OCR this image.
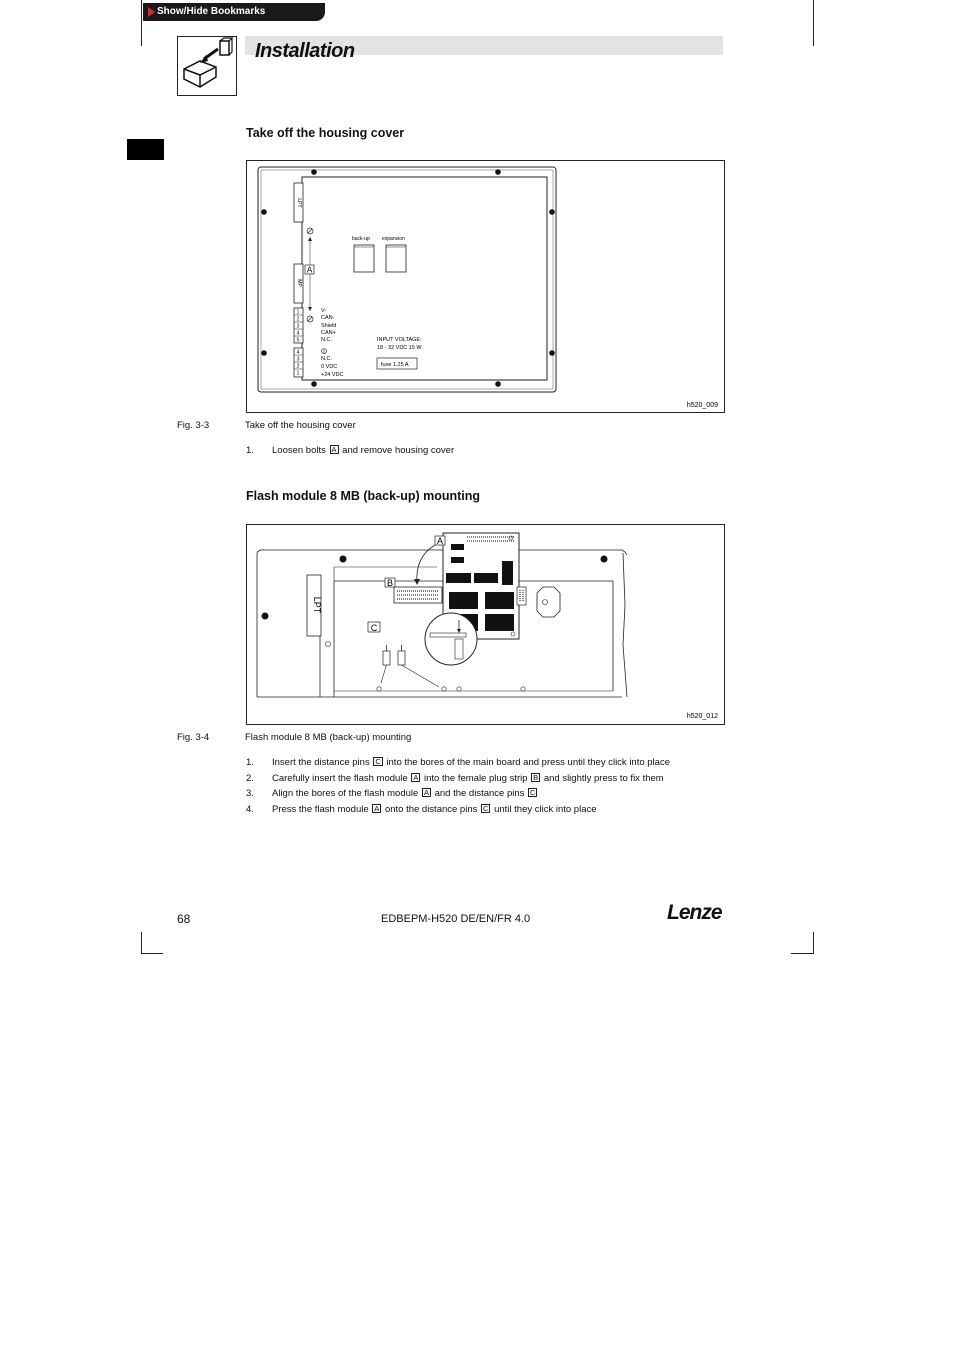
Show/Hide Bookmarks
Installation
Take off the housing cover
LPT
MP
A
1
2
3
4
5
4
3
2
1
V-
CAN-
Shield
CAN+
N.C.
N.C.
0 VDC
+24 VDC
back-up expansion
INPUT VOLTAGE:
18 - 32 VDC 15 W
fuse 1.25 A
h520_009
Fig. 3-3	Take off the housing cover
1. Loosen bolts A and remove housing cover
Flash module 8 MB (back-up) mounting
LPT
B
A
C
h520_012
Fig. 3-4	Flash module 8 MB (back-up) mounting
1. Insert the distance pins C into the bores of the main board and press until they click into place
2. Carefully insert the flash module A into the female plug strip B and slightly press to fix them
3. Align the bores of the flash module A and the distance pins C
4. Press the flash module A onto the distance pins C until they click into place
68	EDBEPM-H520 DE/EN/FR 4.0	Lenze
